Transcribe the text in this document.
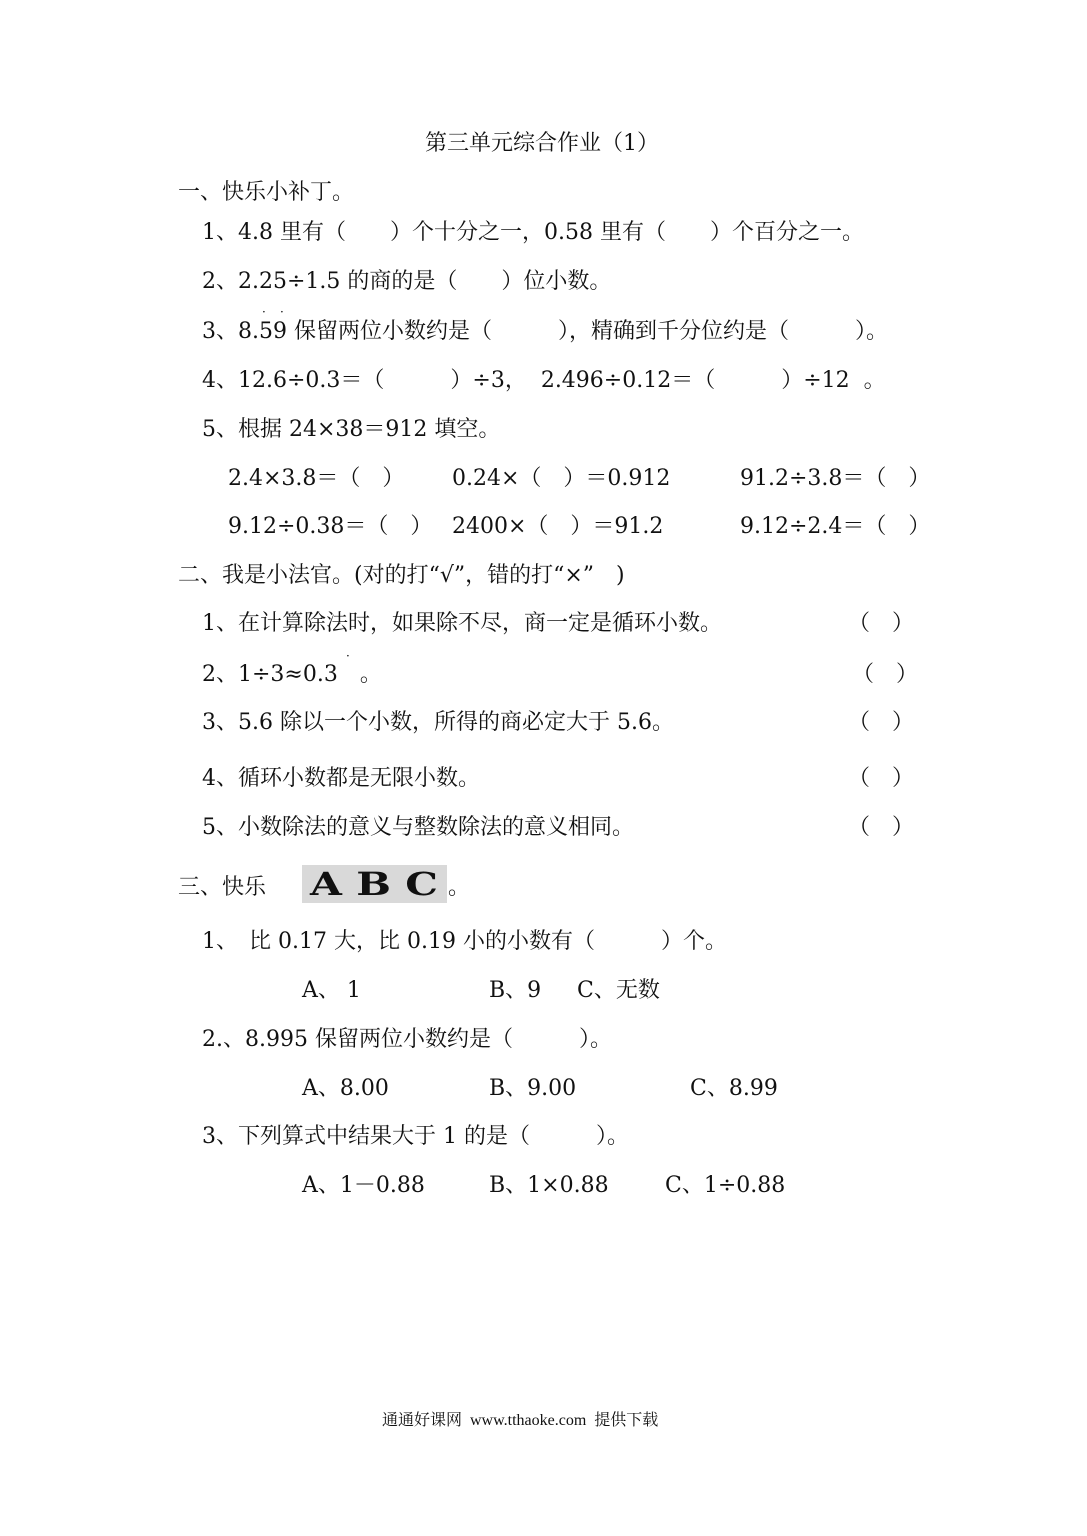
第三单元综合作业（1）
一、快乐小补丁。
1、4.8 里有（　　）个十分之一，0.58 里有（　　）个百分之一。
2、2.25÷1.5 的商的是（　　）位小数。
3、8.59 保留两位小数约是（　　　），精确到千分位约是（　　　）。
· ·
4、12.6÷0.3＝（　　　）÷3，  2.496÷0.12＝（　　　）÷12  。
5、根据 24×38＝912 填空。
2.4×3.8＝（　） 0.24×（　）＝0.912	91.2÷3.8＝（　）
9.12÷0.38＝（　） 2400×（　）＝91.2	9.12÷2.4＝（　）
二、我是小法官。(对的打“√”，错的打“×”　)
1、在计算除法时，如果除不尽，商一定是循环小数。	（　）
2、1÷3≈0.3　。
·
（　）
3、5.6 除以一个小数，所得的商必定大于 5.6。	（　）
4、循环小数都是无限小数。	（　）
5、小数除法的意义与整数除法的意义相同。	（　）
三、快乐 A B C 。
1、　比 0.17 大，比 0.19 小的小数有（　　　）个。
A、 1	B、9 C、无数
2.、8.995 保留两位小数约是（　　　）。
A、8.00	B、9.00	C、8.99
3、下列算式中结果大于 1 的是（　　　）。
A、1－0.88	B、1×0.88	C、1÷0.88
通通好课网  www.tthaoke.com  提供下载
